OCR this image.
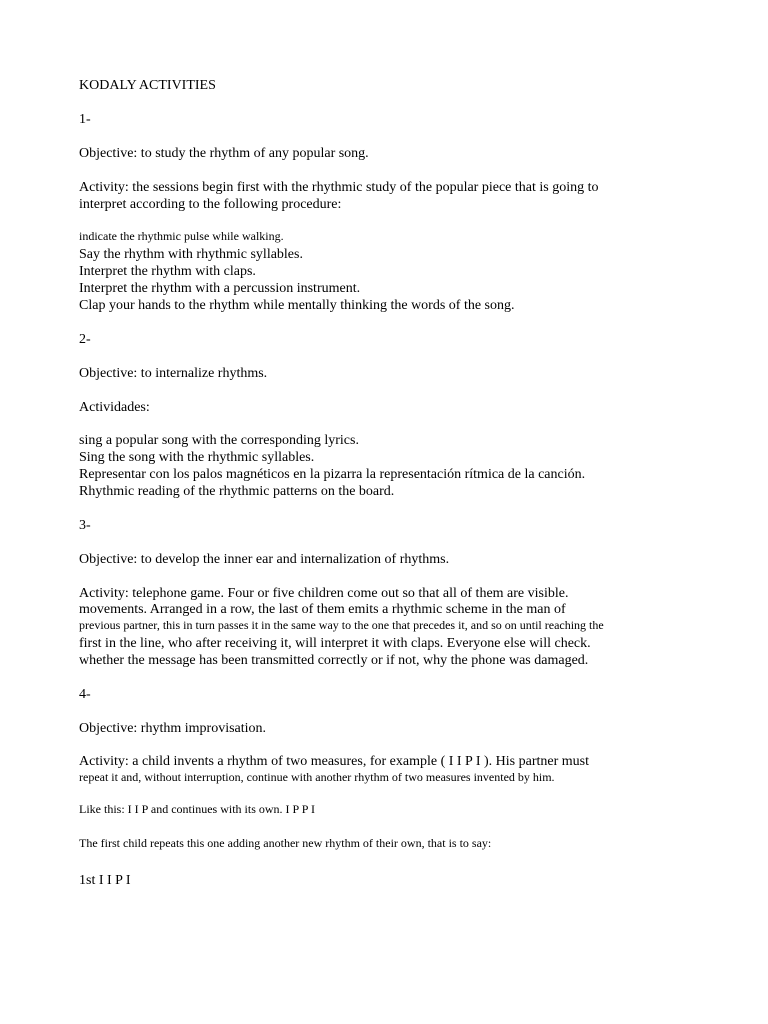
KODALY ACTIVITIES
1-
Objective: to study the rhythm of any popular song.
Activity: the sessions begin first with the rhythmic study of the popular piece that is going to
interpret according to the following procedure:
indicate the rhythmic pulse while walking.
Say the rhythm with rhythmic syllables.
Interpret the rhythm with claps.
Interpret the rhythm with a percussion instrument.
Clap your hands to the rhythm while mentally thinking the words of the song.
2-
Objective: to internalize rhythms.
Actividades:
sing a popular song with the corresponding lyrics.
Sing the song with the rhythmic syllables.
Representar con los palos magnéticos en la pizarra la representación rítmica de la canción.
Rhythmic reading of the rhythmic patterns on the board.
3-
Objective: to develop the inner ear and internalization of rhythms.
Activity: telephone game. Four or five children come out so that all of them are visible.
movements. Arranged in a row, the last of them emits a rhythmic scheme in the man of
previous partner, this in turn passes it in the same way to the one that precedes it, and so on until reaching the
first in the line, who after receiving it, will interpret it with claps. Everyone else will check.
whether the message has been transmitted correctly or if not, why the phone was damaged.
4-
Objective: rhythm improvisation.
Activity: a child invents a rhythm of two measures, for example ( I I P I ). His partner must
repeat it and, without interruption, continue with another rhythm of two measures invented by him.
Like this: I I P and continues with its own. I P P I
The first child repeats this one adding another new rhythm of their own, that is to say:
1st I I P I
